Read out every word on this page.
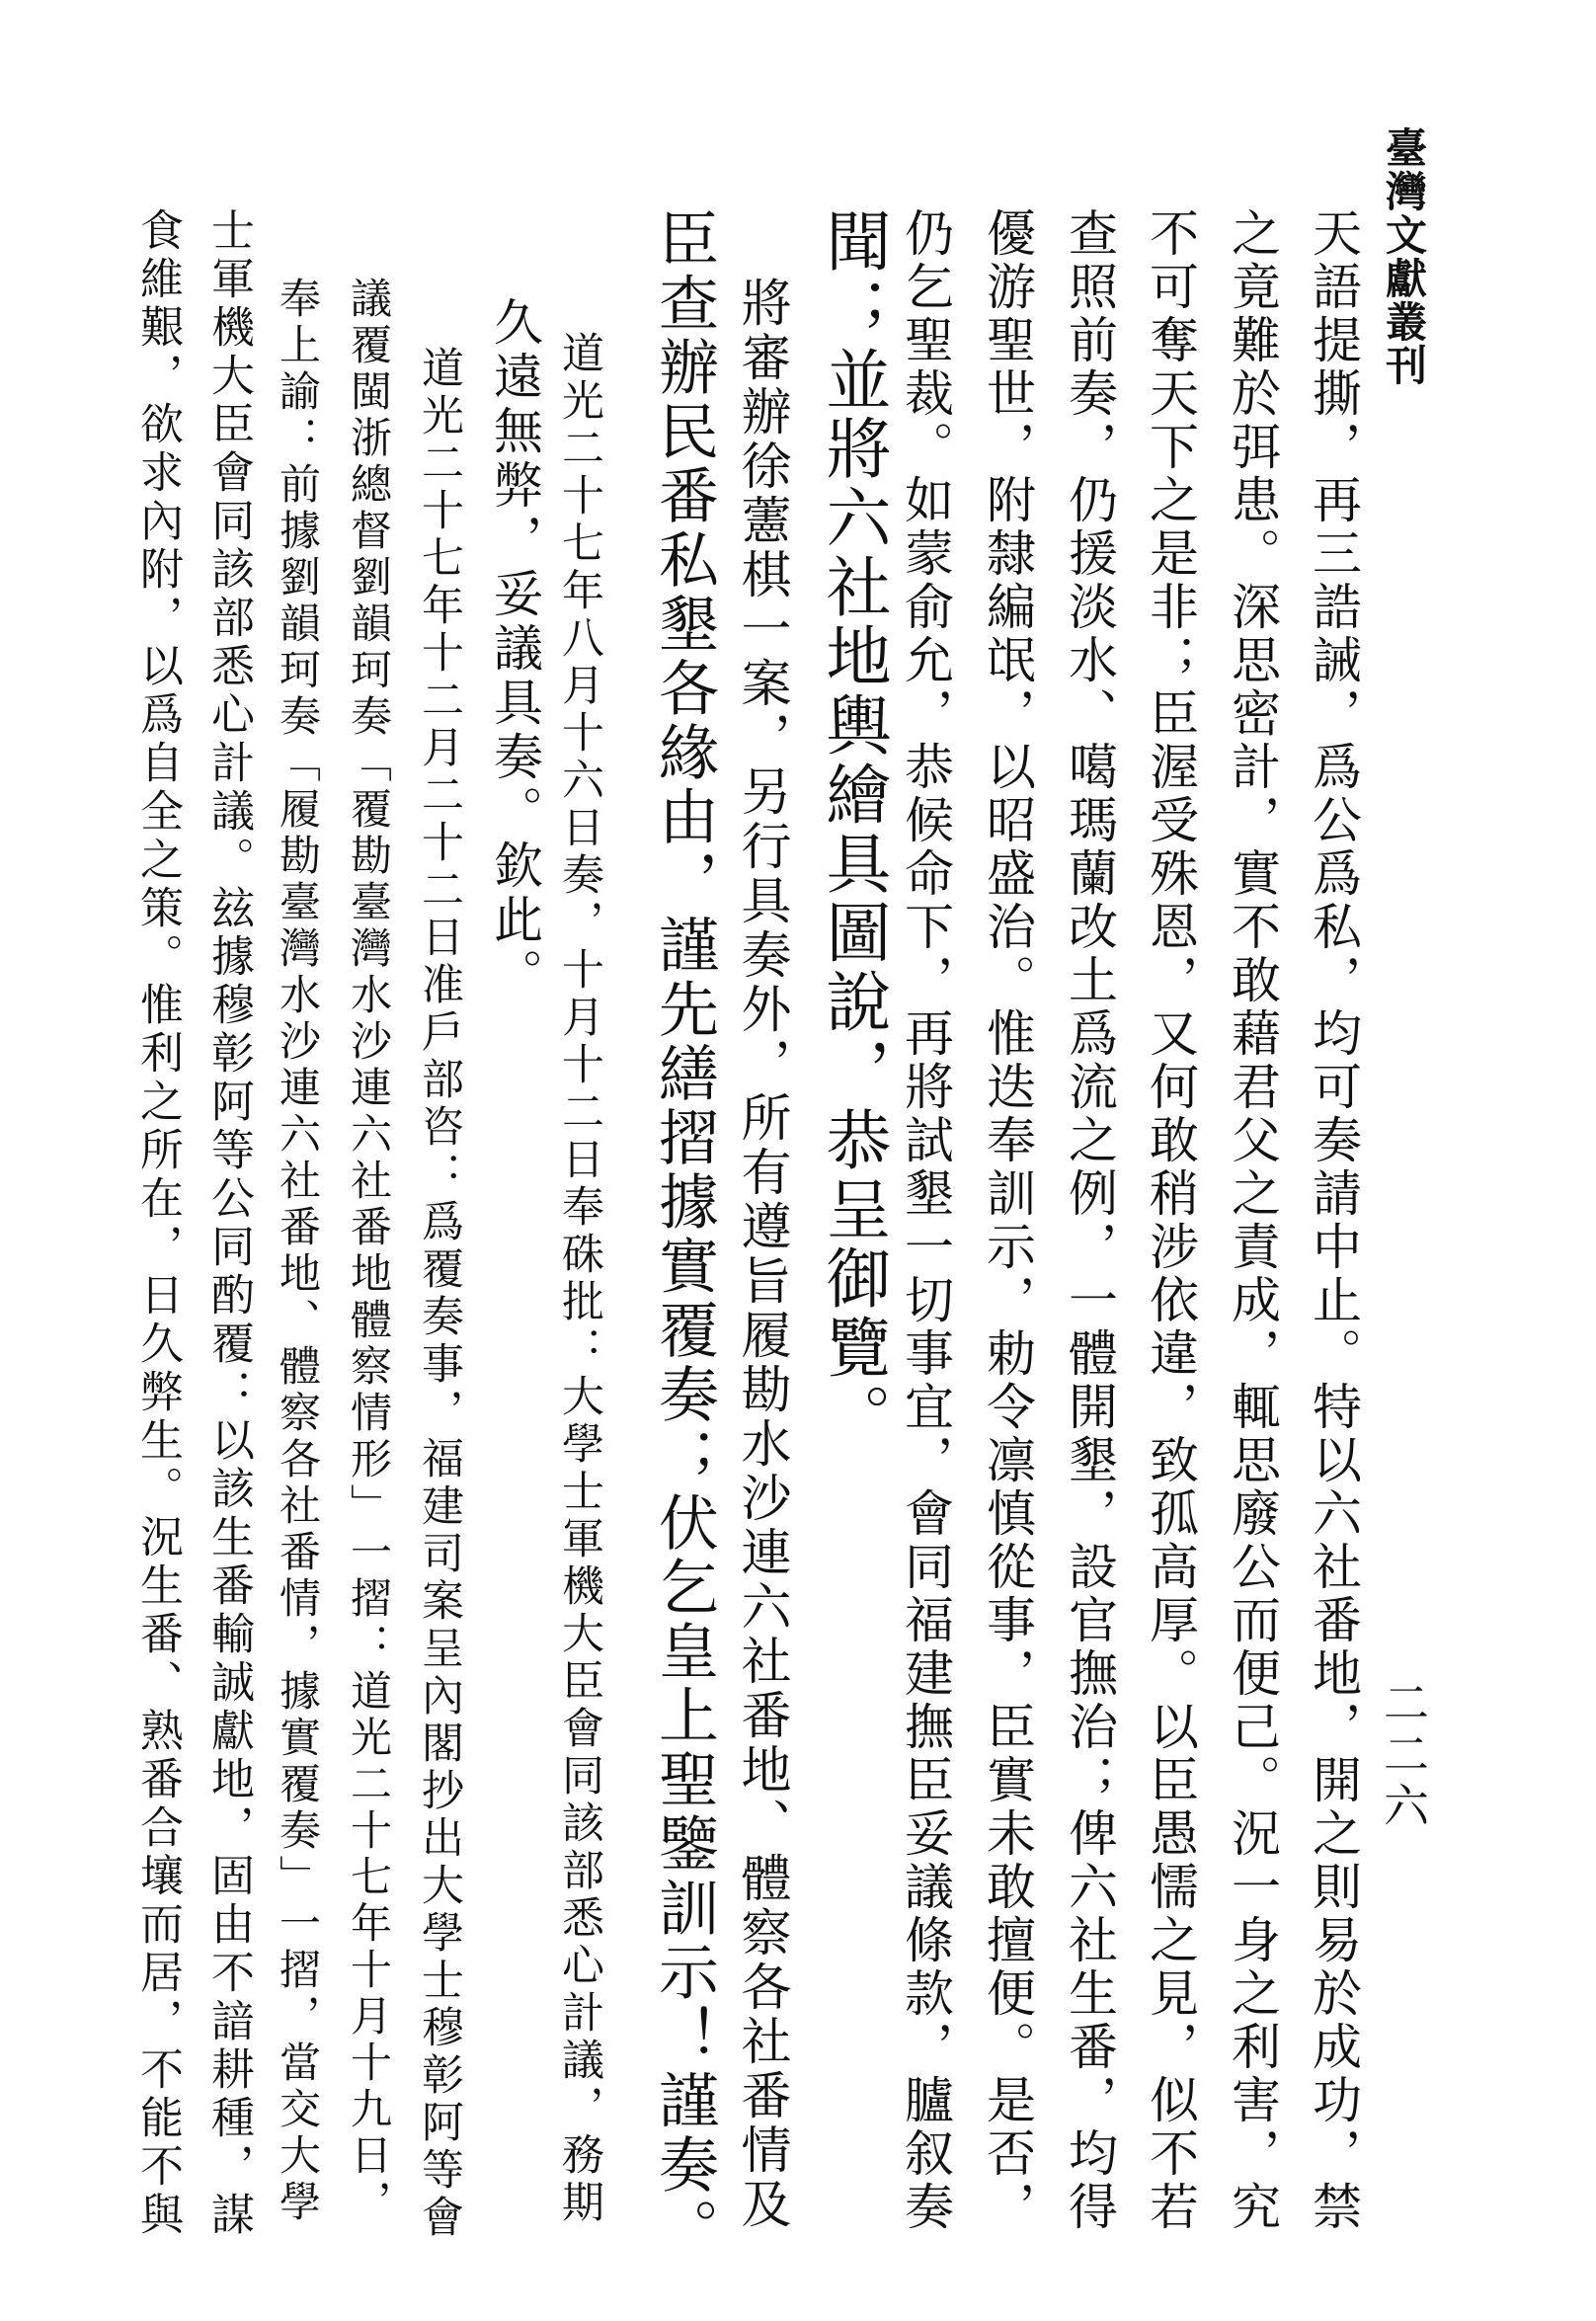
臺灣文獻叢刊
二二六
天語提撕，再三誥誡，爲公爲私，均可奏請中止。特以六社番地，開之則易於成功，禁
之竟難於弭患。深思密計，實不敢藉君父之責成，輒思廢公而便己。況一身之利害，究
不可奪天下之是非；臣渥受殊恩，又何敢稍涉依違，致孤高厚。以臣愚懦之見，似不若
查照前奏，仍援淡水、噶瑪蘭改土爲流之例，一體開墾，設官撫治；俾六社生番，均得
優游聖世，附隸編氓，以昭盛治。惟迭奉訓示，勅令凛慎從事，臣實未敢擅便。是否，
仍乞聖裁。如蒙俞允，恭候命下，再將試墾一切事宜，會同福建撫臣妥議條款，臚叙奏
聞；並將六社地輿繪具圖說，恭呈御覽。
將審辦徐藼棋一案，另行具奏外，所有遵旨履勘水沙連六社番地、體察各社番情及
臣查辦民番私墾各緣由，謹先繕摺據實覆奏；伏乞皇上聖鑒訓示！謹奏。
道光二十七年八月十六日奏，十月十二日奉硃批：大學士軍機大臣會同該部悉心計議，務期
久遠無弊，妥議具奏。欽此。
道光二十七年十二月二十二日准戶部咨：爲覆奏事，福建司案呈內閣抄出大學士穆彰阿等會
議覆閩浙總督劉韻珂奏「覆勘臺灣水沙連六社番地體察情形」一摺：道光二十七年十月十九日，
奉上諭：前據劉韻珂奏「履勘臺灣水沙連六社番地、體察各社番情，據實覆奏」一摺，當交大學
士軍機大臣會同該部悉心計議。玆據穆彰阿等公同酌覆：以該生番輸誠獻地，固由不諳耕種，謀
食維艱，欲求內附，以爲自全之策。惟利之所在，日久弊生。況生番、熟番合壤而居，不能不與
